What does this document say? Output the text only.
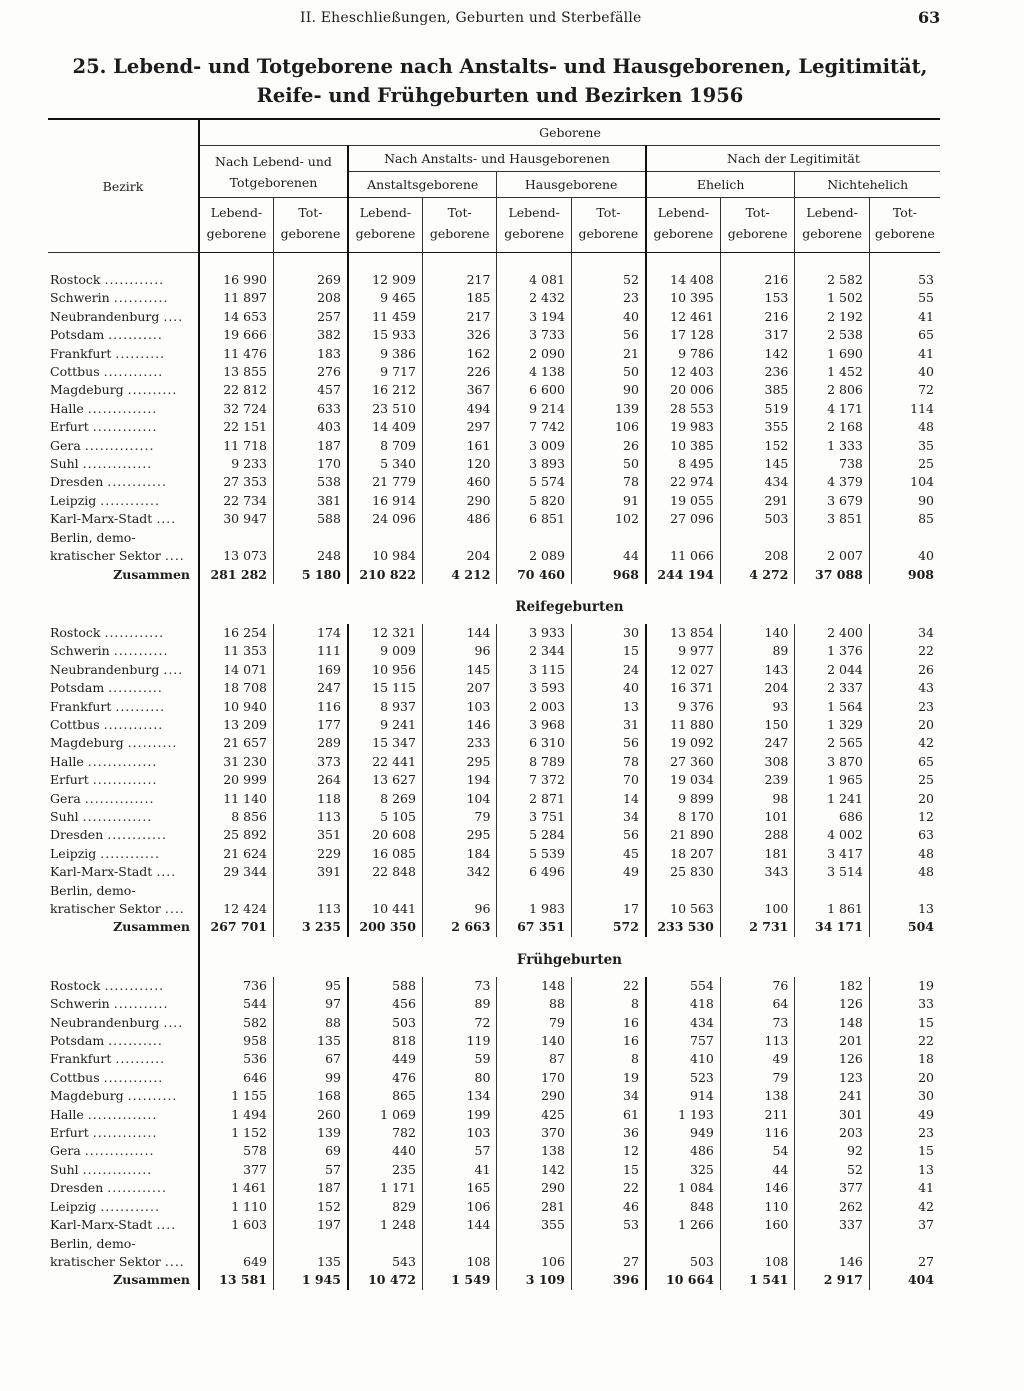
II. Eheschließungen, Geburten und Sterbefälle	63
25. Lebend- und Totgeborene nach Anstalts- und Hausgeborenen, Legitimität,
Reife- und Frühgeburten und Bezirken 1956
Bezirk	Geborene									
	Nach Lebend- und Totgeborenen		Nach Anstalts- und Hausgeborenen				Nach der Legitimität			
			Anstaltsgeborene		Hausgeborene		Ehelich		Nichtehelich	
	Lebend-geborene	Tot-geborene	Lebend-geborene	Tot-geborene	Lebend-geborene	Tot-geborene	Lebend-geborene	Tot-geborene	Lebend-geborene	Tot-geborene
Rostock ............	16 990	269	12 909	217	4 081	52	14 408	216	2 582	53
Schwerin ...........	11 897	208	9 465	185	2 432	23	10 395	153	1 502	55
Neubrandenburg ....	14 653	257	11 459	217	3 194	40	12 461	216	2 192	41
Potsdam ...........	19 666	382	15 933	326	3 733	56	17 128	317	2 538	65
Frankfurt ..........	11 476	183	9 386	162	2 090	21	9 786	142	1 690	41
Cottbus ............	13 855	276	9 717	226	4 138	50	12 403	236	1 452	40
Magdeburg ..........	22 812	457	16 212	367	6 600	90	20 006	385	2 806	72
Halle ..............	32 724	633	23 510	494	9 214	139	28 553	519	4 171	114
Erfurt .............	22 151	403	14 409	297	7 742	106	19 983	355	2 168	48
Gera ..............	11 718	187	8 709	161	3 009	26	10 385	152	1 333	35
Suhl ..............	9 233	170	5 340	120	3 893	50	8 495	145	738	25
Dresden ............	27 353	538	21 779	460	5 574	78	22 974	434	4 379	104
Leipzig ............	22 734	381	16 914	290	5 820	91	19 055	291	3 679	90
Karl-Marx-Stadt ....	30 947	588	24 096	486	6 851	102	27 096	503	3 851	85
Berlin, demo-
kratischer Sektor ....	13 073	248	10 984	204	2 089	44	11 066	208	2 007	40
Zusammen	281 282	5 180	210 822	4 212	70 460	968	244 194	4 272	37 088	908
					Reifegeburten					
Rostock ............	16 254	174	12 321	144	3 933	30	13 854	140	2 400	34
Schwerin ...........	11 353	111	9 009	96	2 344	15	9 977	89	1 376	22
Neubrandenburg ....	14 071	169	10 956	145	3 115	24	12 027	143	2 044	26
Potsdam ...........	18 708	247	15 115	207	3 593	40	16 371	204	2 337	43
Frankfurt ..........	10 940	116	8 937	103	2 003	13	9 376	93	1 564	23
Cottbus ............	13 209	177	9 241	146	3 968	31	11 880	150	1 329	20
Magdeburg ..........	21 657	289	15 347	233	6 310	56	19 092	247	2 565	42
Halle ..............	31 230	373	22 441	295	8 789	78	27 360	308	3 870	65
Erfurt .............	20 999	264	13 627	194	7 372	70	19 034	239	1 965	25
Gera ..............	11 140	118	8 269	104	2 871	14	9 899	98	1 241	20
Suhl ..............	8 856	113	5 105	79	3 751	34	8 170	101	686	12
Dresden ............	25 892	351	20 608	295	5 284	56	21 890	288	4 002	63
Leipzig ............	21 624	229	16 085	184	5 539	45	18 207	181	3 417	48
Karl-Marx-Stadt ....	29 344	391	22 848	342	6 496	49	25 830	343	3 514	48
Berlin, demo-
kratischer Sektor ....	12 424	113	10 441	96	1 983	17	10 563	100	1 861	13
Zusammen	267 701	3 235	200 350	2 663	67 351	572	233 530	2 731	34 171	504
					Frühgeburten					
Rostock ............	736	95	588	73	148	22	554	76	182	19
Schwerin ...........	544	97	456	89	88	8	418	64	126	33
Neubrandenburg ....	582	88	503	72	79	16	434	73	148	15
Potsdam ...........	958	135	818	119	140	16	757	113	201	22
Frankfurt ..........	536	67	449	59	87	8	410	49	126	18
Cottbus ............	646	99	476	80	170	19	523	79	123	20
Magdeburg ..........	1 155	168	865	134	290	34	914	138	241	30
Halle ..............	1 494	260	1 069	199	425	61	1 193	211	301	49
Erfurt .............	1 152	139	782	103	370	36	949	116	203	23
Gera ..............	578	69	440	57	138	12	486	54	92	15
Suhl ..............	377	57	235	41	142	15	325	44	52	13
Dresden ............	1 461	187	1 171	165	290	22	1 084	146	377	41
Leipzig ............	1 110	152	829	106	281	46	848	110	262	42
Karl-Marx-Stadt ....	1 603	197	1 248	144	355	53	1 266	160	337	37
Berlin, demo-
kratischer Sektor ....	649	135	543	108	106	27	503	108	146	27
Zusammen	13 581	1 945	10 472	1 549	3 109	396	10 664	1 541	2 917	404
